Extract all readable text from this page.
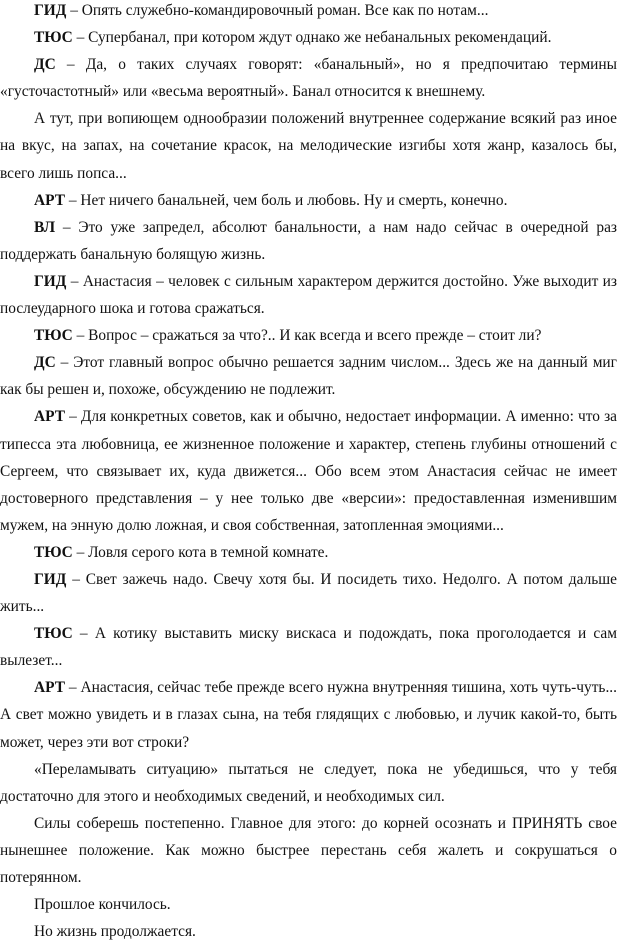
ГИД – Опять служебно-командировочный роман. Все как по нотам...

ТЮС – Супербанал, при котором ждут однако же небанальных рекомендаций.

ДС – Да, о таких случаях говорят: «банальный», но я предпочитаю термины «густочастотный» или «весьма вероятный». Банал относится к внешнему.

А тут, при вопиющем однообразии положений внутреннее содержание всякий раз иное на вкус, на запах, на сочетание красок, на мелодические изгибы хотя жанр, казалось бы, всего лишь попса...

АРТ – Нет ничего банальней, чем боль и любовь. Ну и смерть, конечно.

ВЛ – Это уже запредел, абсолют банальности, а нам надо сейчас в очередной раз поддержать банальную болящую жизнь.

ГИД – Анастасия – человек с сильным характером держится достойно. Уже выходит из послеударного шока и готова сражаться.

ТЮС – Вопрос – сражаться за что?.. И как всегда и всего прежде – стоит ли?

ДС – Этот главный вопрос обычно решается задним числом... Здесь же на данный миг как бы решен и, похоже, обсуждению не подлежит.

АРТ – Для конкретных советов, как и обычно, недостает информации. А именно: что за типесса эта любовница, ее жизненное положение и характер, степень глубины отношений с Сергеем, что связывает их, куда движется... Обо всем этом Анастасия сейчас не имеет достоверного представления – у нее только две «версии»: предоставленная изменившим мужем, на энную долю ложная, и своя собственная, затопленная эмоциями...

ТЮС – Ловля серого кота в темной комнате.

ГИД – Свет зажечь надо. Свечу хотя бы. И посидеть тихо. Недолго. А потом дальше жить...

ТЮС – А котику выставить миску вискаса и подождать, пока проголодается и сам вылезет...

АРТ – Анастасия, сейчас тебе прежде всего нужна внутренняя тишина, хоть чуть-чуть... А свет можно увидеть и в глазах сына, на тебя глядящих с любовью, и лучик какой-то, быть может, через эти вот строки?

«Переламывать ситуацию» пытаться не следует, пока не убедишься, что у тебя достаточно для этого и необходимых сведений, и необходимых сил.

Силы соберешь постепенно. Главное для этого: до корней осознать и ПРИНЯТЬ свое нынешнее положение. Как можно быстрее перестань себя жалеть и сокрушаться о потерянном.

Прошлое кончилось.

Но жизнь продолжается.
